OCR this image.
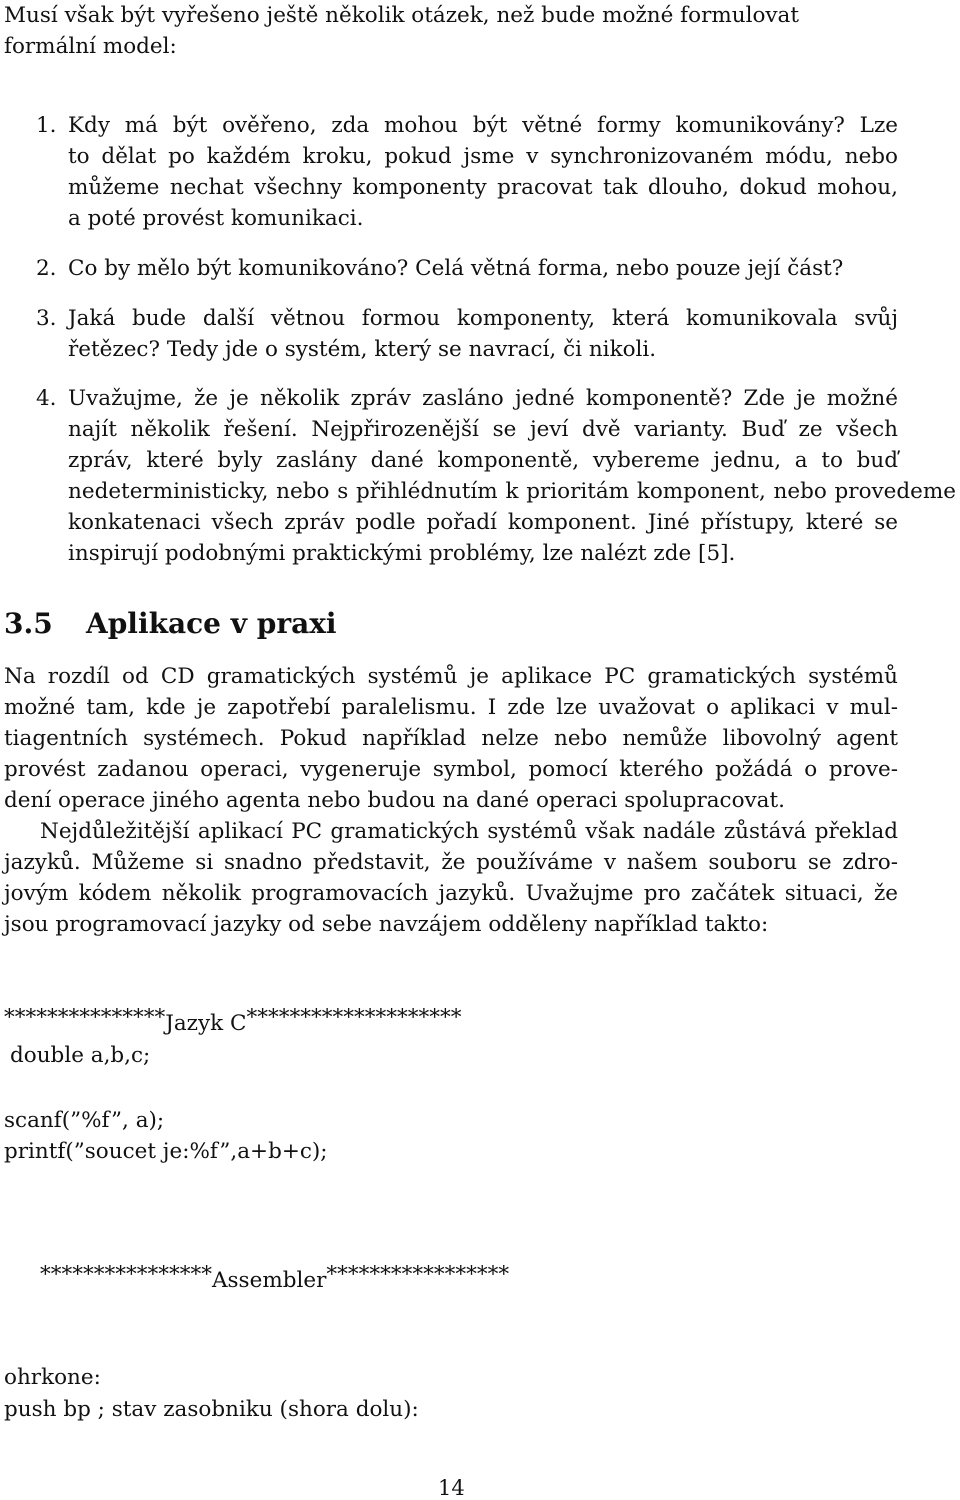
Musí však být vyřešeno ještě několik otázek, než bude možné formulovat
formální model:
1. Kdy má být ověřeno, zda mohou být větné formy komunikovány? Lze
to dělat po každém kroku, pokud jsme v synchronizovaném módu, nebo
můžeme nechat všechny komponenty pracovat tak dlouho, dokud mohou,
a poté provést komunikaci.
2. Co by mělo být komunikováno? Celá větná forma, nebo pouze její část?
3. Jaká bude další větnou formou komponenty, která komunikovala svůj
řetězec? Tedy jde o systém, který se navrací, či nikoli.
4. Uvažujme, že je několik zpráv zasláno jedné komponentě? Zde je možné
najít několik řešení. Nejpřirozenější se jeví dvě varianty. Buď ze všech
zpráv, které byly zaslány dané komponentě, vybereme jednu, a to buď
nedeterministicky, nebo s přihlédnutím k prioritám komponent, nebo provedeme
konkatenaci všech zpráv podle pořadí komponent. Jiné přístupy, které se
inspirují podobnými praktickými problémy, lze nalézt zde [5].
3.5 Aplikace v praxi
Na rozdíl od CD gramatických systémů je aplikace PC gramatických systémů
možné tam, kde je zapotřebí paralelismu. I zde lze uvažovat o aplikaci v mul-
tiagentních systémech. Pokud například nelze nebo nemůže libovolný agent
provést zadanou operaci, vygeneruje symbol, pomocí kterého požádá o prove-
dení operace jiného agenta nebo budou na dané operaci spolupracovat.
Nejdůležitější aplikací PC gramatických systémů však nadále zůstává překlad
jazyků. Můžeme si snadno představit, že používáme v našem souboru se zdro-
jovým kódem několik programovacích jazyků. Uvažujme pro začátek situaci, že
jsou programovací jazyky od sebe navzájem odděleny například takto:
***************Jazyk C********************
double a,b,c;
scanf(”%f”, a);
printf(”soucet je:%f”,a+b+c);
****************Assembler*****************
ohrkone:
push bp ; stav zasobniku (shora dolu):
14
